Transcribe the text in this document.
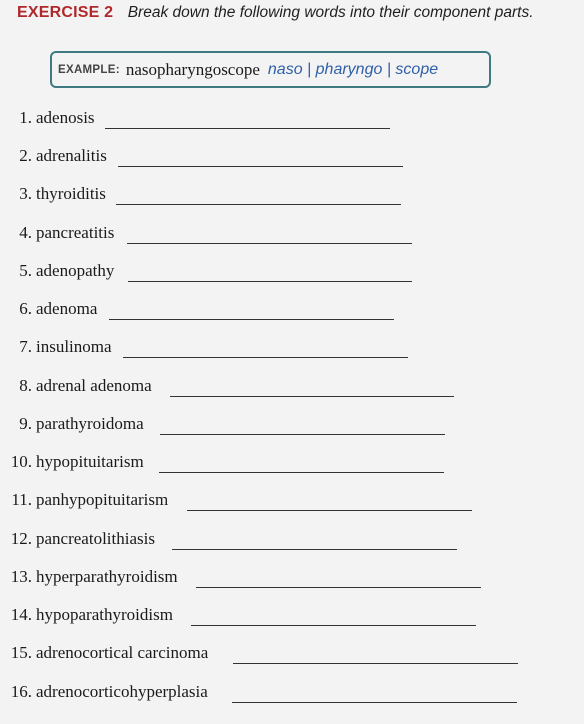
EXERCISE 2 Break down the following words into their component parts.
EXAMPLE: nasopharyngoscope naso | pharyngo | scope
1. adenosis
2. adrenalitis
3. thyroiditis
4. pancreatitis
5. adenopathy
6. adenoma
7. insulinoma
8. adrenal adenoma
9. parathyroidoma
10. hypopituitarism
11. panhypopituitarism
12. pancreatolithiasis
13. hyperparathyroidism
14. hypoparathyroidism
15. adrenocortical carcinoma
16. adrenocorticohyperplasia
